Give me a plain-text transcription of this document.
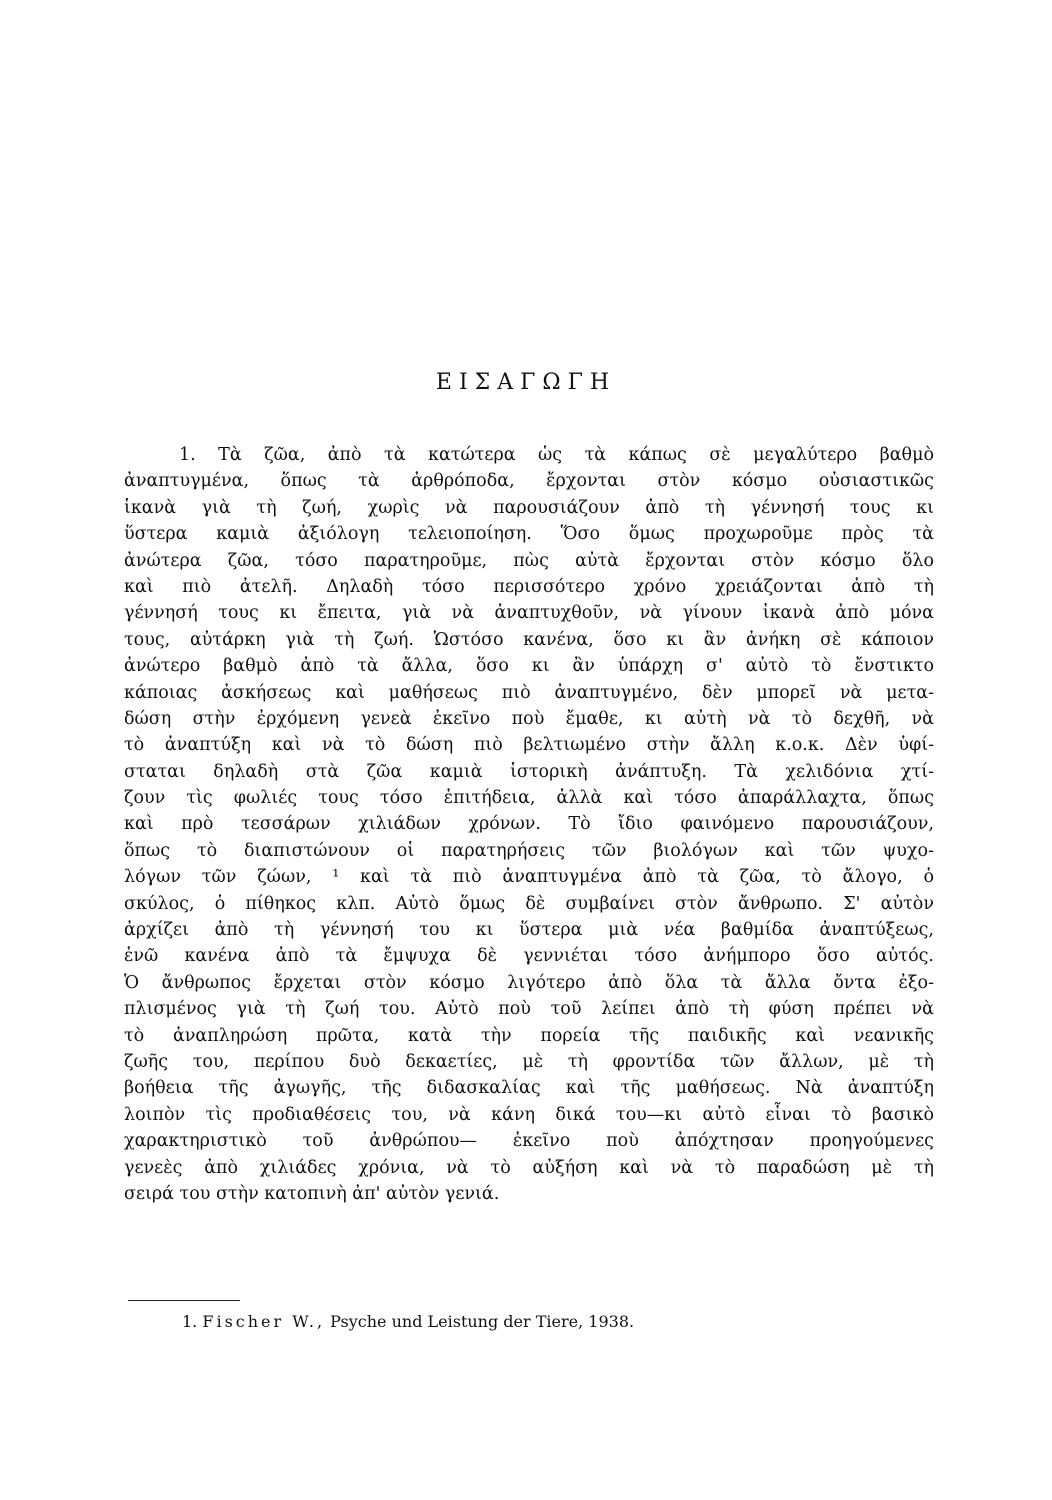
ΕΙΣΑΓΩΓΗ
1. Τὰ ζῶα, ἀπὸ τὰ κατώτερα ὡς τὰ κάπως σὲ μεγαλύτερο βαθμὸ
ἀναπτυγμένα, ὅπως τὰ ἀρθρόποδα, ἔρχονται στὸν κόσμο οὐσιαστικῶς
ἱκανὰ γιὰ τὴ ζωή, χωρὶς νὰ παρουσιάζουν ἀπὸ τὴ γέννησή τους κι
ὕστερα καμιὰ ἀξιόλογη τελειοποίηση. Ὅσο ὅμως προχωροῦμε πρὸς τὰ
ἀνώτερα ζῶα, τόσο παρατηροῦμε, πὼς αὐτὰ ἔρχονται στὸν κόσμο ὅλο
καὶ πιὸ ἀτελῆ. Δηλαδὴ τόσο περισσότερο χρόνο χρειάζονται ἀπὸ τὴ
γέννησή τους κι ἔπειτα, γιὰ νὰ ἀναπτυχθοῦν, νὰ γίνουν ἱκανὰ ἀπὸ μόνα
τους, αὐτάρκη γιὰ τὴ ζωή. Ὡστόσο κανένα, ὅσο κι ἂν ἀνήκη σὲ κάποιον
ἀνώτερο βαθμὸ ἀπὸ τὰ ἄλλα, ὅσο κι ἂν ὑπάρχη σ' αὐτὸ τὸ ἔνστικτο
κάποιας ἀσκήσεως καὶ μαθήσεως πιὸ ἀναπτυγμένο, δὲν μπορεῖ νὰ μετα-
δώση στὴν ἐρχόμενη γενεὰ ἐκεῖνο ποὺ ἔμαθε, κι αὐτὴ νὰ τὸ δεχθῆ, νὰ
τὸ ἀναπτύξη καὶ νὰ τὸ δώση πιὸ βελτιωμένο στὴν ἄλλη κ.ο.κ. Δὲν ὑφί-
σταται δηλαδὴ στὰ ζῶα καμιὰ ἱστορικὴ ἀνάπτυξη. Τὰ χελιδόνια χτί-
ζουν τὶς φωλιές τους τόσο ἐπιτήδεια, ἀλλὰ καὶ τόσο ἀπαράλλαχτα, ὅπως
καὶ πρὸ τεσσάρων χιλιάδων χρόνων. Τὸ ἴδιο φαινόμενο παρουσιάζουν,
ὅπως τὸ διαπιστώνουν οἱ παρατηρήσεις τῶν βιολόγων καὶ τῶν ψυχο-
λόγων τῶν ζώων, ¹ καὶ τὰ πιὸ ἀναπτυγμένα ἀπὸ τὰ ζῶα, τὸ ἄλογο, ὁ
σκύλος, ὁ πίθηκος κλπ. Αὐτὸ ὅμως δὲ συμβαίνει στὸν ἄνθρωπο. Σ' αὐτὸν
ἀρχίζει ἀπὸ τὴ γέννησή του κι ὕστερα μιὰ νέα βαθμίδα ἀναπτύξεως,
ἐνῶ κανένα ἀπὸ τὰ ἔμψυχα δὲ γεννιέται τόσο ἀνήμπορο ὅσο αὐτός.
Ὁ ἄνθρωπος ἔρχεται στὸν κόσμο λιγότερο ἀπὸ ὅλα τὰ ἄλλα ὄντα ἐξο-
πλισμένος γιὰ τὴ ζωή του. Αὐτὸ ποὺ τοῦ λείπει ἀπὸ τὴ φύση πρέπει νὰ
τὸ ἀναπληρώση πρῶτα, κατὰ τὴν πορεία τῆς παιδικῆς καὶ νεανικῆς
ζωῆς του, περίπου δυὸ δεκαετίες, μὲ τὴ φροντίδα τῶν ἄλλων, μὲ τὴ
βοήθεια τῆς ἀγωγῆς, τῆς διδασκαλίας καὶ τῆς μαθήσεως. Νὰ ἀναπτύξη
λοιπὸν τὶς προδιαθέσεις του, νὰ κάνη δικά του—κι αὐτὸ εἶναι τὸ βασικὸ
χαρακτηριστικὸ τοῦ ἀνθρώπου— ἐκεῖνο ποὺ ἀπόχτησαν προηγούμενες
γενεὲς ἀπὸ χιλιάδες χρόνια, νὰ τὸ αὐξήση καὶ νὰ τὸ παραδώση μὲ τὴ
σειρά του στὴν κατοπινὴ ἀπ' αὐτὸν γενιά.
1. Fischer W., Psyche und Leistung der Tiere, 1938.
